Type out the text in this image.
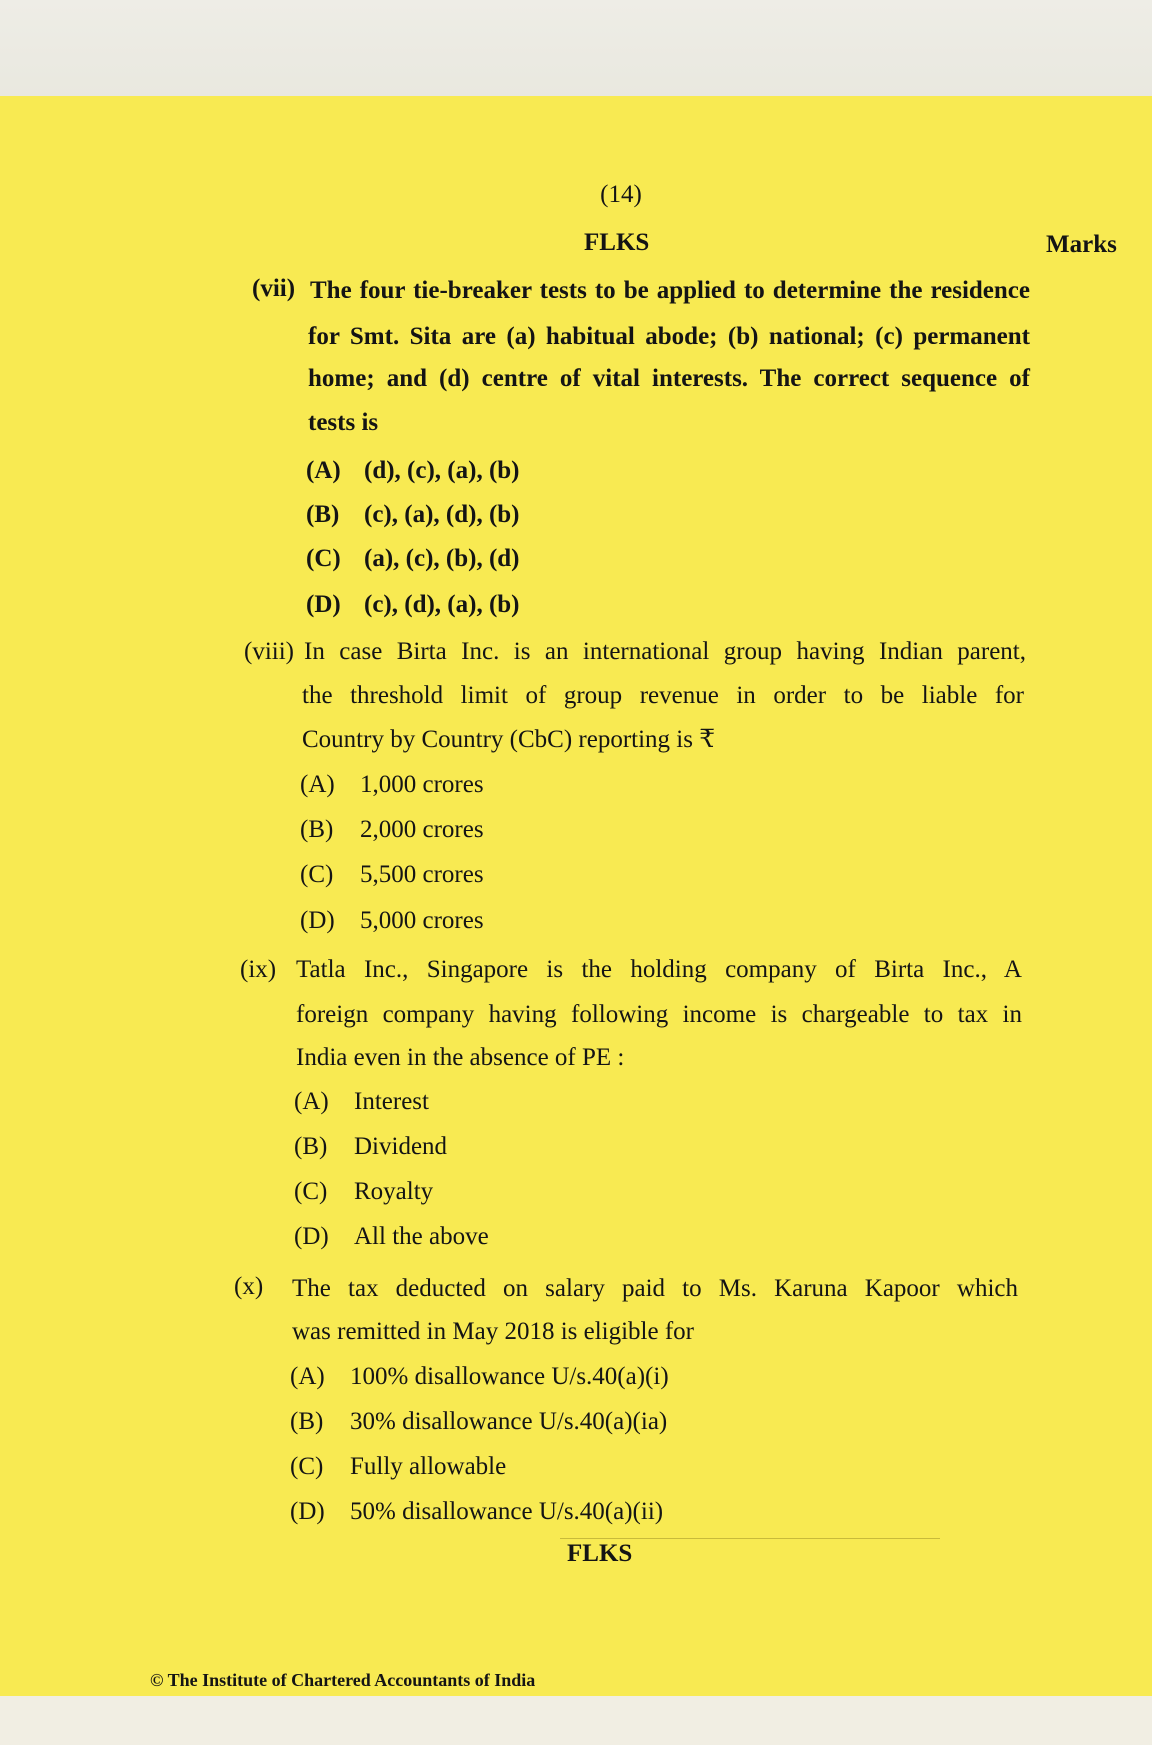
(14)
FLKS	Marks
(vii) The four tie-breaker tests to be applied to determine the residence
for Smt. Sita are (a) habitual abode; (b) national; (c) permanent
home; and (d) centre of vital interests. The correct sequence of
tests is
(A) (d), (c), (a), (b)
(B) (c), (a), (d), (b)
(C) (a), (c), (b), (d)
(D) (c), (d), (a), (b)
(viii) In case Birta Inc. is an international group having Indian parent,
the threshold limit of group revenue in order to be liable for
Country by Country (CbC) reporting is ₹
(A) 1,000 crores
(B) 2,000 crores
(C) 5,500 crores
(D) 5,000 crores
(ix) Tatla Inc., Singapore is the holding company of Birta Inc., A
foreign company having following income is chargeable to tax in
India even in the absence of PE :
(A) Interest
(B) Dividend
(C) Royalty
(D) All the above
(x) The tax deducted on salary paid to Ms. Karuna Kapoor which
was remitted in May 2018 is eligible for
(A) 100% disallowance U/s.40(a)(i)
(B) 30% disallowance U/s.40(a)(ia)
(C) Fully allowable
(D) 50% disallowance U/s.40(a)(ii)
FLKS
© The Institute of Chartered Accountants of India
